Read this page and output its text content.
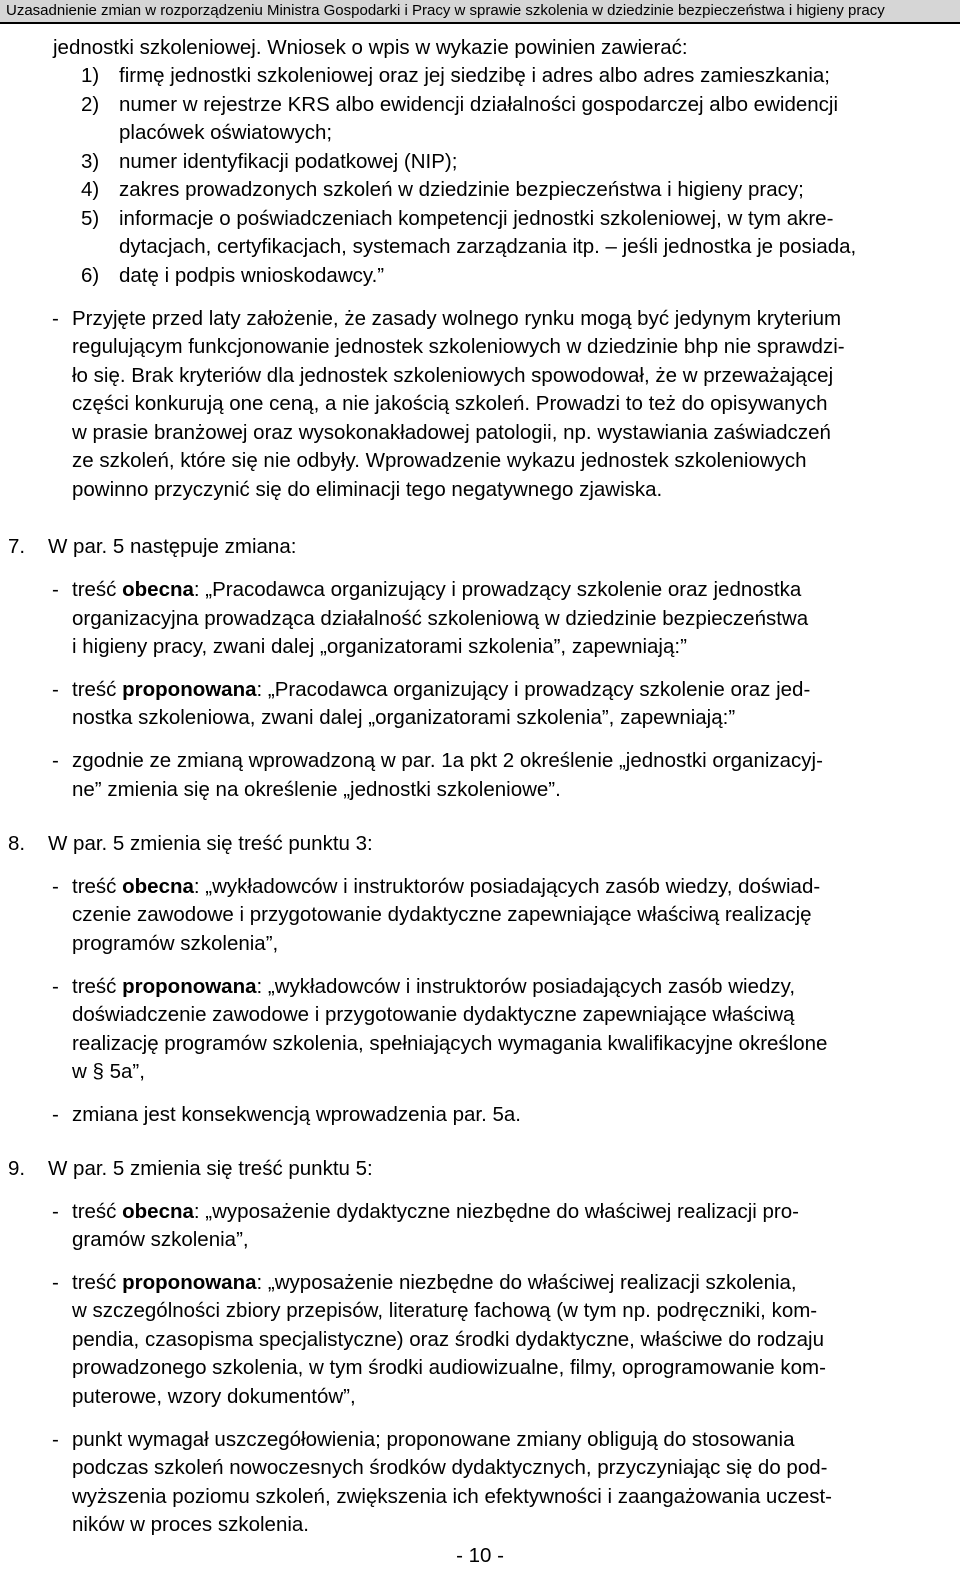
Uzasadnienie zmian w rozporządzeniu Ministra Gospodarki i Pracy w sprawie szkolenia w dziedzinie bezpieczeństwa i higieny pracy
jednostki szkoleniowej. Wniosek o wpis w wykazie powinien zawierać:
1) firmę jednostki szkoleniowej oraz jej siedzibę i adres albo adres zamieszkania;
2) numer w rejestrze KRS albo ewidencji działalności gospodarczej albo ewidencji
placówek oświatowych;
3) numer identyfikacji podatkowej (NIP);
4) zakres prowadzonych szkoleń w dziedzinie bezpieczeństwa i higieny pracy;
5) informacje o poświadczeniach kompetencji jednostki szkoleniowej, w tym akre-
dytacjach, certyfikacjach, systemach zarządzania itp. – jeśli jednostka je posiada,
6) datę i podpis wnioskodawcy.”
- Przyjęte przed laty założenie, że zasady wolnego rynku mogą być jedynym kryterium
regulującym funkcjonowanie jednostek szkoleniowych w dziedzinie bhp nie sprawdzi-
ło się. Brak kryteriów dla jednostek szkoleniowych spowodował, że w przeważającej
części konkurują one ceną, a nie jakością szkoleń. Prowadzi to też do opisywanych
w prasie branżowej oraz wysokonakładowej patologii, np. wystawiania zaświadczeń
ze szkoleń, które się nie odbyły. Wprowadzenie wykazu jednostek szkoleniowych
powinno przyczynić się do eliminacji tego negatywnego zjawiska.
7. W par. 5 następuje zmiana:
- treść obecna: „Pracodawca organizujący i prowadzący szkolenie oraz jednostka
organizacyjna prowadząca działalność szkoleniową w dziedzinie bezpieczeństwa
i higieny pracy, zwani dalej „organizatorami szkolenia”, zapewniają:”
- treść proponowana: „Pracodawca organizujący i prowadzący szkolenie oraz jed-
nostka szkoleniowa, zwani dalej „organizatorami szkolenia”, zapewniają:”
- zgodnie ze zmianą wprowadzoną w par. 1a pkt 2 określenie „jednostki organizacyj-
ne” zmienia się na określenie „jednostki szkoleniowe”.
8. W par. 5 zmienia się treść punktu 3:
- treść obecna: „wykładowców i instruktorów posiadających zasób wiedzy, doświad-
czenie zawodowe i przygotowanie dydaktyczne zapewniające właściwą realizację
programów szkolenia”,
- treść proponowana: „wykładowców i instruktorów posiadających zasób wiedzy,
doświadczenie zawodowe i przygotowanie dydaktyczne zapewniające właściwą
realizację programów szkolenia, spełniających wymagania kwalifikacyjne określone
w § 5a”,
- zmiana jest konsekwencją wprowadzenia par. 5a.
9. W par. 5 zmienia się treść punktu 5:
- treść obecna: „wyposażenie dydaktyczne niezbędne do właściwej realizacji pro-
gramów szkolenia”,
- treść proponowana: „wyposażenie niezbędne do właściwej realizacji szkolenia,
w szczególności zbiory przepisów, literaturę fachową (w tym np. podręczniki, kom-
pendia, czasopisma specjalistyczne) oraz środki dydaktyczne, właściwe do rodzaju
prowadzonego szkolenia, w tym środki audiowizualne, filmy, oprogramowanie kom-
puterowe, wzory dokumentów”,
- punkt wymagał uszczegółowienia; proponowane zmiany obligują do stosowania
podczas szkoleń nowoczesnych środków dydaktycznych, przyczyniając się do pod-
wyższenia poziomu szkoleń, zwiększenia ich efektywności i zaangażowania uczest-
ników w proces szkolenia.
- 10 -
